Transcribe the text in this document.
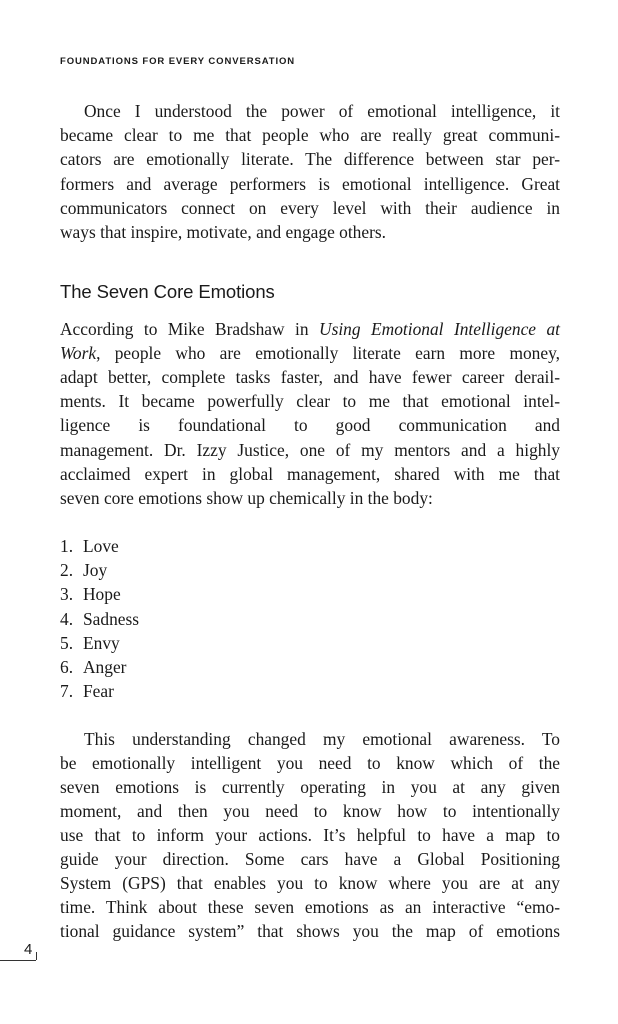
FOUNDATIONS FOR EVERY CONVERSATION
Once I understood the power of emotional intelligence, it
became clear to me that people who are really great communi-
cators are emotionally literate. The difference between star per-
formers and average performers is emotional intelligence. Great
communicators connect on every level with their audience in
ways that inspire, motivate, and engage others.
The Seven Core Emotions
According to Mike Bradshaw in Using Emotional Intelligence at
Work, people who are emotionally literate earn more money,
adapt better, complete tasks faster, and have fewer career derail-
ments. It became powerfully clear to me that emotional intel-
ligence is foundational to good communication and
management. Dr. Izzy Justice, one of my mentors and a highly
acclaimed expert in global management, shared with me that
seven core emotions show up chemically in the body:
1. Love
2. Joy
3. Hope
4. Sadness
5. Envy
6. Anger
7. Fear
This understanding changed my emotional awareness. To
be emotionally intelligent you need to know which of the
seven emotions is currently operating in you at any given
moment, and then you need to know how to intentionally
use that to inform your actions. It’s helpful to have a map to
guide your direction. Some cars have a Global Positioning
System (GPS) that enables you to know where you are at any
time. Think about these seven emotions as an interactive “emo-
tional guidance system” that shows you the map of emotions
4
